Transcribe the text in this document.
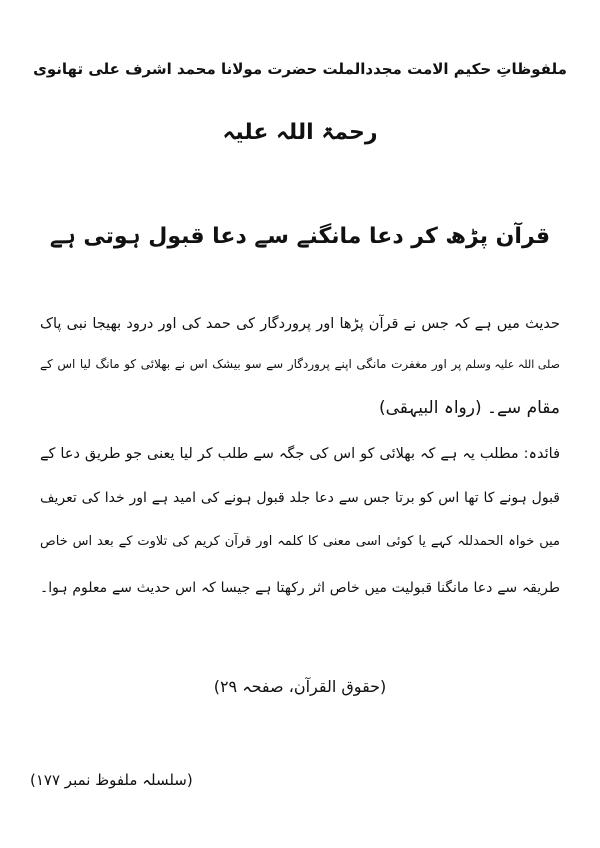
ملفوظاتِ حکیم الامت مجددالملت حضرت مولانا محمد اشرف علی تھانوی
رحمۃ اللہ علیہ
قرآن پڑھ کر دعا مانگنے سے دعا قبول ہوتی ہے
حدیث میں ہے کہ جس نے قرآن پڑھا اور پروردگار کی حمد کی اور درود بھیجا نبی پاک
صلی اللہ علیہ وسلمپر اور مغفرت مانگی اپنے پروردگار سے سو بیشک اس نے بھلائی کو مانگ لیا اس کے
مقام سے۔ (رواہ البیہقی)
فائدہ: مطلب یہ ہے کہ بھلائی کو اس کی جگہ سے طلب کر لیا یعنی جو طریق دعا کے
قبول ہونے کا تھا اس کو برتا جس سے دعا جلد قبول ہونے کی امید ہے اور خدا کی تعریف
میں خواہ الحمدللہ کہے یا کوئی اسی معنی کا کلمہ اور قرآن کریم کی تلاوت کے بعد اس خاص
طریقہ سے دعا مانگنا قبولیت میں خاص اثر رکھتا ہے جیسا کہ اس حدیث سے معلوم ہوا۔
(حقوق القرآن، صفحہ ۲۹)
(سلسلہ ملفوظ نمبر ۱۷۷)
